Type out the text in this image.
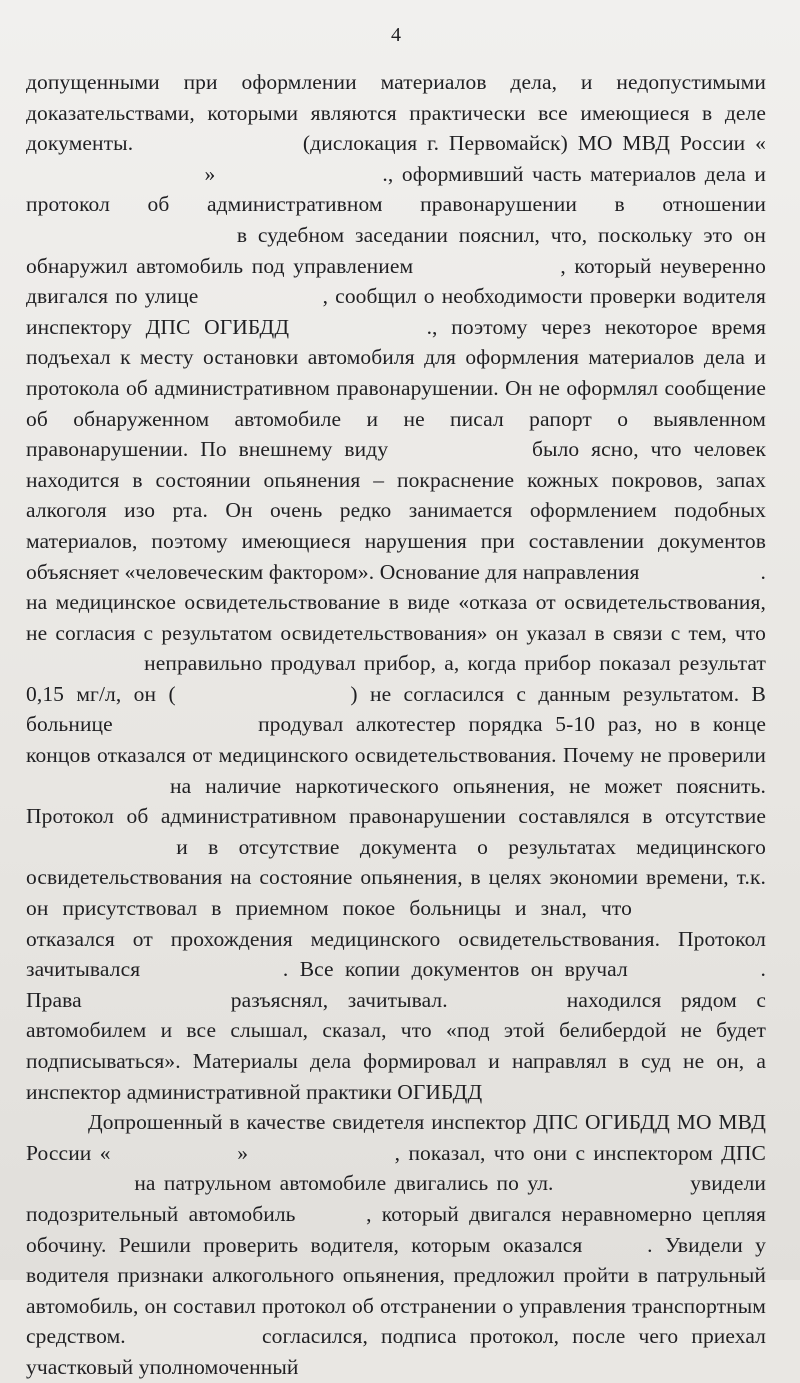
4

допущенными при оформлении материалов дела, и недопустимыми доказательствами, которыми являются практически все имеющиеся в деле документы.	(дислокация г. Первомайск) МО МВД России «  »	., оформивший часть материалов дела и протокол об административном правонарушении в отношении  в судебном заседании пояснил, что, поскольку это он обнаружил автомобиль под управлением	, который неуверенно двигался по улице	, сообщил о необходимости проверки водителя инспектору ДПС ОГИБДД	., поэтому через некоторое время подъехал к месту остановки автомобиля для оформления материалов дела и протокола об административном правонарушении. Он не оформлял сообщение об обнаруженном автомобиле и не писал рапорт о выявленном правонарушении. По внешнему виду	было ясно, что человек находится в состоянии опьянения – покраснение кожных покровов, запах алкоголя изо рта. Он очень редко занимается оформлением подобных материалов, поэтому имеющиеся нарушения при составлении документов объясняет «человеческим фактором». Основание для направления	. на медицинское освидетельствование в виде «отказа от освидетельствования, не согласия с результатом освидетельствования» он указал в связи с тем, что  неправильно продувал прибор, а, когда прибор показал результат 0,15 мг/л, он (	) не согласился с данным результатом. В больнице	продувал алкотестер порядка 5-10 раз, но в конце концов отказался от медицинского освидетельствования. Почему не проверили  на наличие наркотического опьянения, не может пояснить. Протокол об административном правонарушении составлялся в отсутствие  и в отсутствие документа о результатах медицинского освидетельствования на состояние опьянения, в целях экономии времени, т.к. он присутствовал в приемном покое больницы и знал, что  отказался от прохождения медицинского освидетельствования. Протокол зачитывался	. Все копии документов он вручал	. Права	разъяснял, зачитывал.	находился рядом с автомобилем и все слышал, сказал, что «под этой белибердой не будет подписываться». Материалы дела формировал и направлял в суд не он, а инспектор административной практики ОГИБДД

Допрошенный в качестве свидетеля инспектор ДПС ОГИБДД МО МВД России «	»	, показал, что они с инспектором ДПС  на патрульном автомобиле двигались по ул.	увидели подозрительный автомобиль	, который двигался неравномерно цепляя обочину. Решили проверить водителя, которым оказался	. Увидели у водителя признаки алкогольного опьянения, предложил пройти в патрульный автомобиль, он составил протокол об отстранении о управления транспортным средством.	согласился, подписа протокол, после чего приехал участковый уполномоченный
